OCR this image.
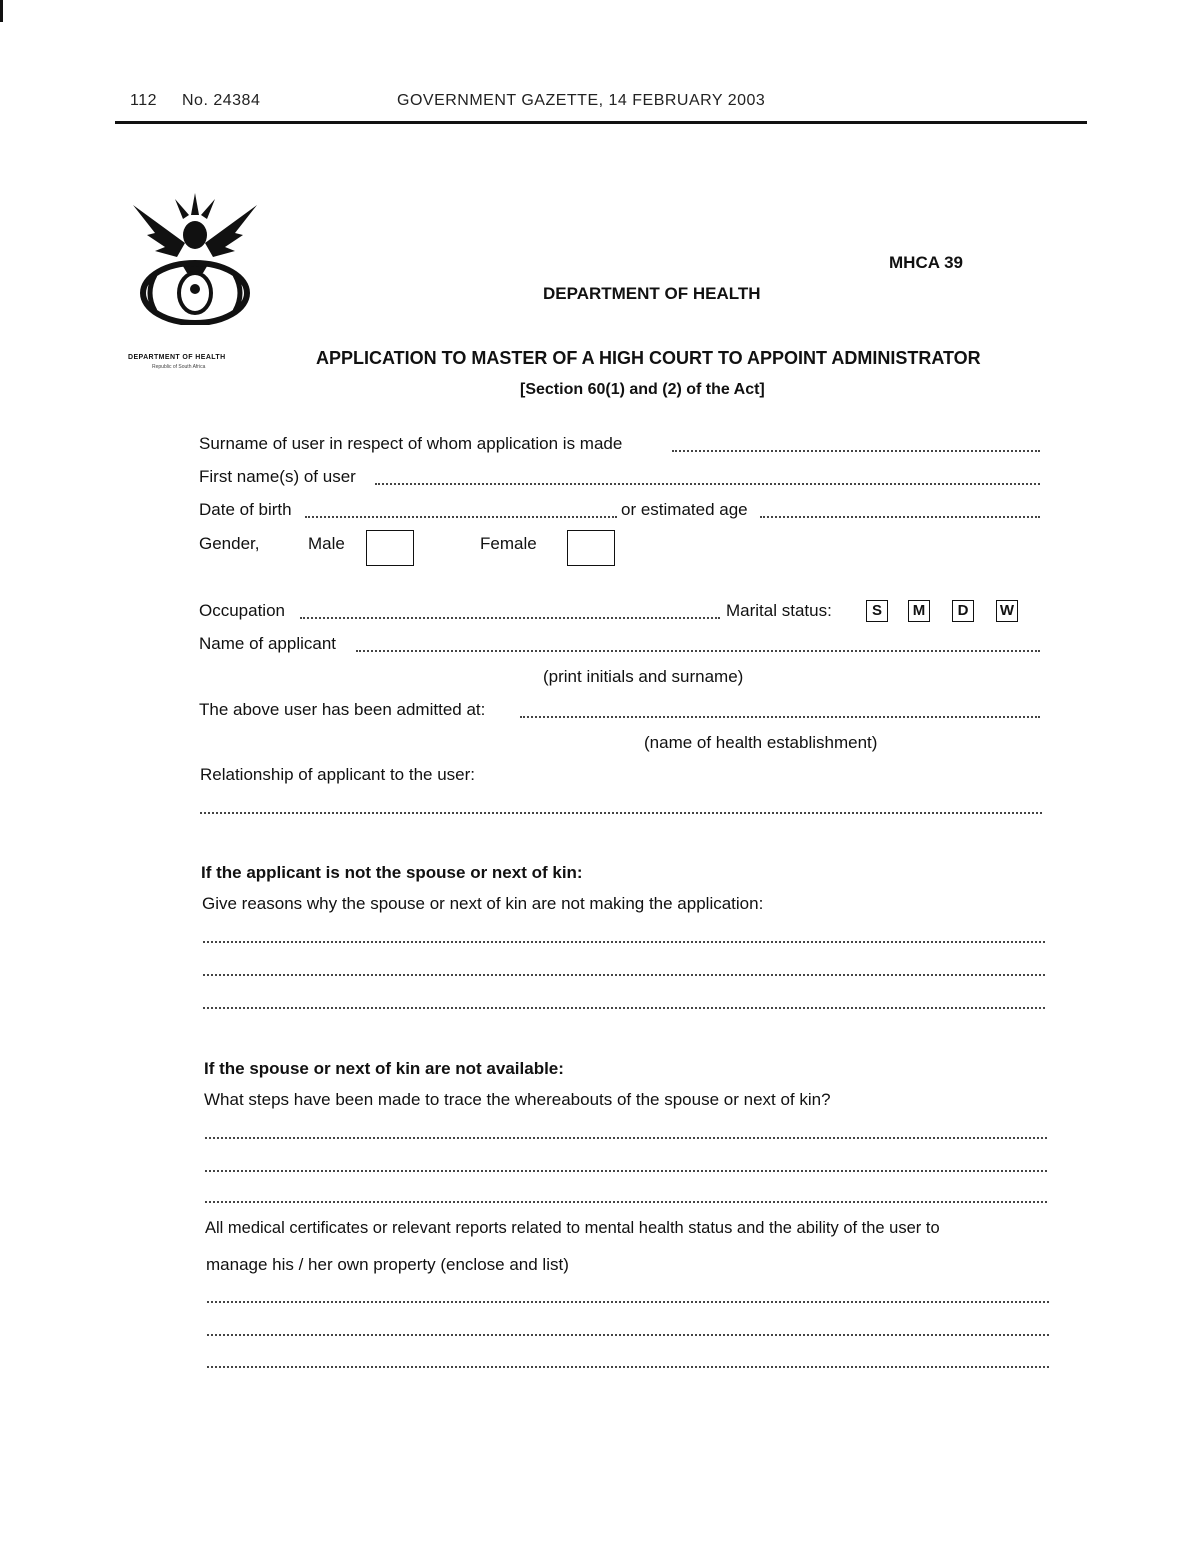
112 No. 24384	GOVERNMENT GAZETTE, 14 FEBRUARY 2003
DEPARTMENT OF HEALTH
Republic of South Africa
MHCA 39
DEPARTMENT OF HEALTH
APPLICATION TO MASTER OF A HIGH COURT TO APPOINT ADMINISTRATOR
[Section 60(1) and (2) of the Act]
Surname of user in respect of whom application is made
First name(s) of user
Date of birth	or estimated age
Gender,	Male	Female
Occupation	Marital status:	S	M	D	W
Name of applicant
(print initials and surname)
The above user has been admitted at:
(name of health establishment)
Relationship of applicant to the user:
If the applicant is not the spouse or next of kin:
Give reasons why the spouse or next of kin are not making the application:
If the spouse or next of kin are not available:
What steps have been made to trace the whereabouts of the spouse or next of kin?
All medical certificates or relevant reports related to mental health status and the ability of the user to
manage his / her own property (enclose and list)
